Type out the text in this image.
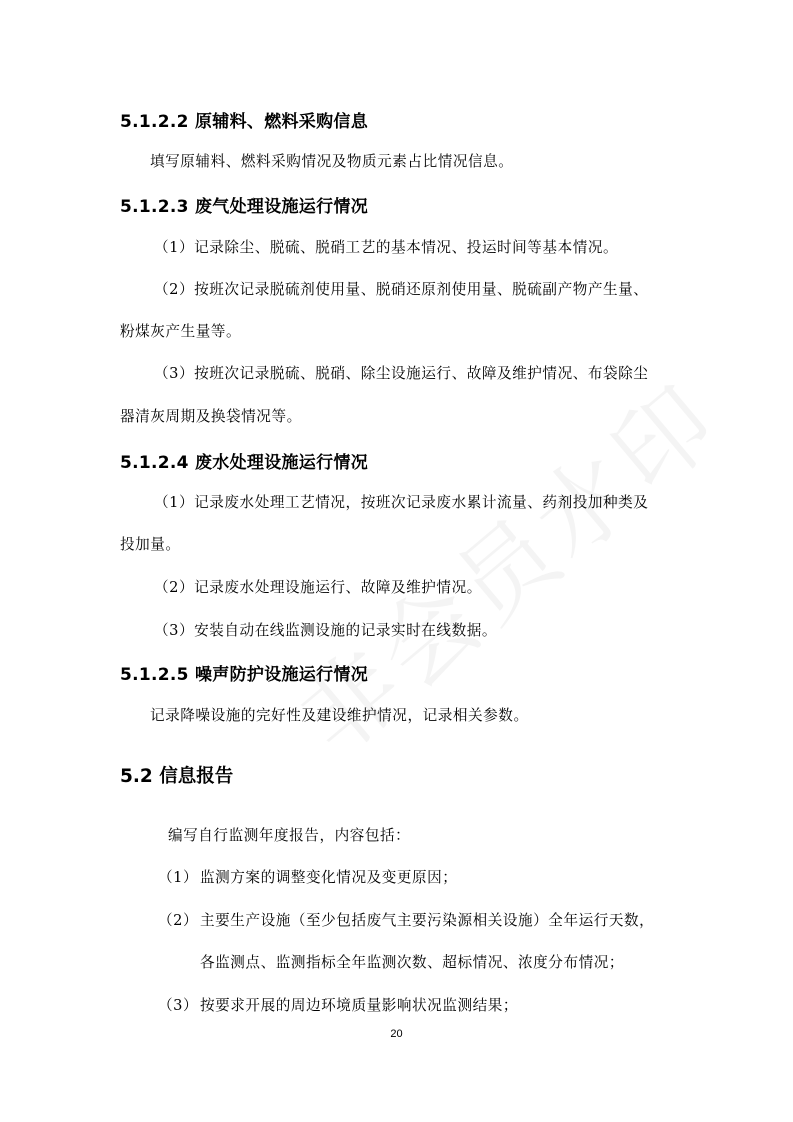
5.1.2.2 原辅料、燃料采购信息

填写原辅料、燃料采购情况及物质元素占比情况信息。

5.1.2.3 废气处理设施运行情况

（1）记录除尘、脱硫、脱硝工艺的基本情况、投运时间等基本情况。

（2）按班次记录脱硫剂使用量、脱硝还原剂使用量、脱硫副产物产生量、

粉煤灰产生量等。

（3）按班次记录脱硫、脱硝、除尘设施运行、故障及维护情况、布袋除尘

器清灰周期及换袋情况等。

5.1.2.4 废水处理设施运行情况

（1）记录废水处理工艺情况，按班次记录废水累计流量、药剂投加种类及

投加量。

（2）记录废水处理设施运行、故障及维护情况。

（3）安装自动在线监测设施的记录实时在线数据。

5.1.2.5 噪声防护设施运行情况

记录降噪设施的完好性及建设维护情况，记录相关参数。

5.2 信息报告

编写自行监测年度报告，内容包括：

（1） 监测方案的调整变化情况及变更原因；

（2） 主要生产设施（至少包括废气主要污染源相关设施）全年运行天数，

各监测点、监测指标全年监测次数、超标情况、浓度分布情况；

（3） 按要求开展的周边环境质量影响状况监测结果；

20
